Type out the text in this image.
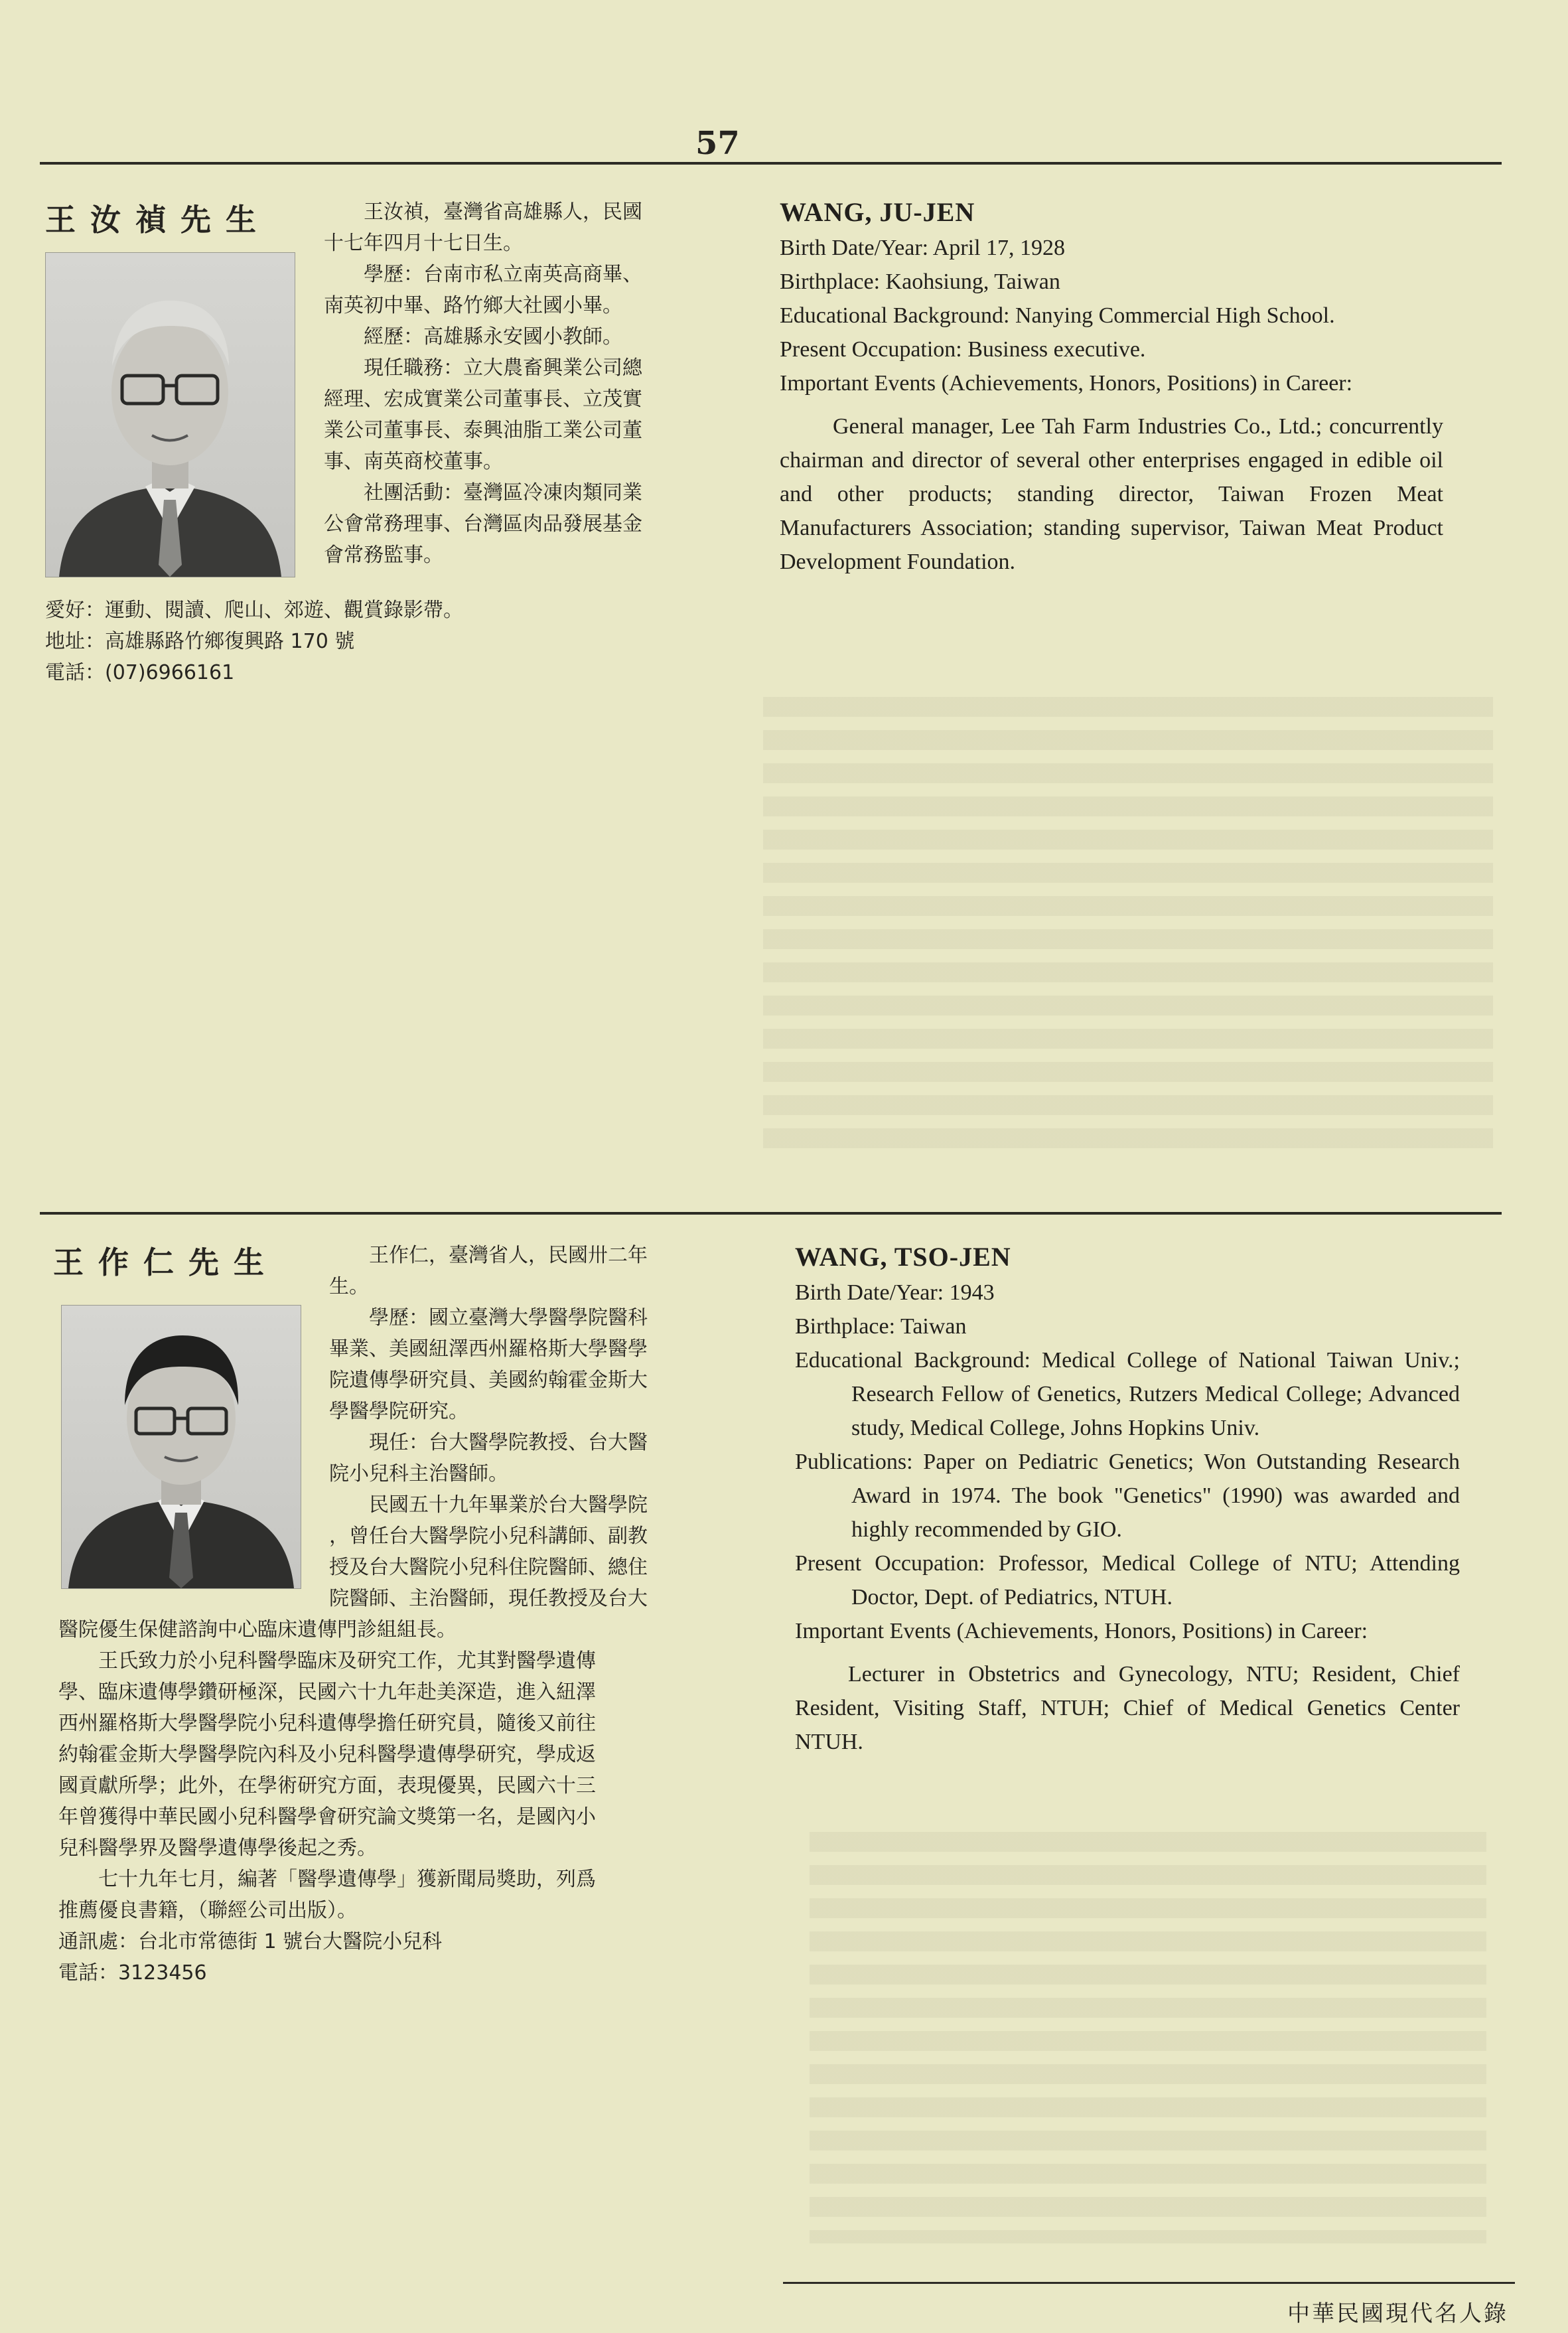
57
王汝禎先生	王汝禎，臺灣省高雄縣人，民國

十七年四月十七日生。

學歷：台南市私立南英高商畢、

南英初中畢、路竹鄉大社國小畢。

經歷：高雄縣永安國小教師。

現任職務：立大農畜興業公司總

經理、宏成實業公司董事長、立茂實

業公司董事長、泰興油脂工業公司董

事、南英商校董事。

社團活動：臺灣區冷凍肉類同業

公會常務理事、台灣區肉品發展基金

會常務監事。

愛好：運動、閱讀、爬山、郊遊、觀賞錄影帶。

地址：高雄縣路竹鄉復興路 170 號

電話：(07)6966161

WANG, JU-JEN

Birth Date/Year: April 17, 1928

Birthplace: Kaohsiung, Taiwan

Educational Background: Nanying Commercial High School.

Present Occupation: Business executive.

Important Events (Achievements, Honors, Positions) in Career:

General manager, Lee Tah Farm Industries Co., Ltd.; concurrently chairman and director of several other enterprises engaged in edible oil and other products; standing director, Taiwan Frozen Meat Manufacturers Association; standing supervisor, Taiwan Meat Product Development Foundation.

王作仁先生	王作仁，臺灣省人，民國卅二年

生。

學歷：國立臺灣大學醫學院醫科

畢業、美國紐澤西州羅格斯大學醫學

院遺傳學研究員、美國約翰霍金斯大

學醫學院研究。

現任：台大醫學院教授、台大醫

院小兒科主治醫師。

民國五十九年畢業於台大醫學院

，曾任台大醫學院小兒科講師、副教

授及台大醫院小兒科住院醫師、總住

院醫師、主治醫師，現任教授及台大

醫院優生保健諮詢中心臨床遺傳門診組組長。

王氏致力於小兒科醫學臨床及研究工作，尤其對醫學遺傳

學、臨床遺傳學鑽研極深，民國六十九年赴美深造，進入紐澤

西州羅格斯大學醫學院小兒科遺傳學擔任研究員，隨後又前往

約翰霍金斯大學醫學院內科及小兒科醫學遺傳學研究，學成返

國貢獻所學；此外，在學術研究方面，表現優異，民國六十三

年曾獲得中華民國小兒科醫學會研究論文獎第一名，是國內小

兒科醫學界及醫學遺傳學後起之秀。

七十九年七月，編著「醫學遺傳學」獲新聞局獎助，列爲

推薦優良書籍，（聯經公司出版）。

通訊處：台北市常德街 1 號台大醫院小兒科

電話：3123456

WANG, TSO-JEN

Birth Date/Year: 1943

Birthplace: Taiwan

Educational Background: Medical College of National Taiwan Univ.; Research Fellow of Genetics, Rutzers Medical College; Advanced study, Medical College, Johns Hopkins Univ.

Publications: Paper on Pediatric Genetics; Won Outstanding Research Award in 1974. The book "Genetics" (1990) was awarded and highly recommended by GIO.

Present Occupation: Professor, Medical College of NTU; Attending Doctor, Dept. of Pediatrics, NTUH.

Important Events (Achievements, Honors, Positions) in Career:

Lecturer in Obstetrics and Gynecology, NTU; Resident, Chief Resident, Visiting Staff, NTUH; Chief of Medical Genetics Center NTUH.

中華民國現代名人錄
